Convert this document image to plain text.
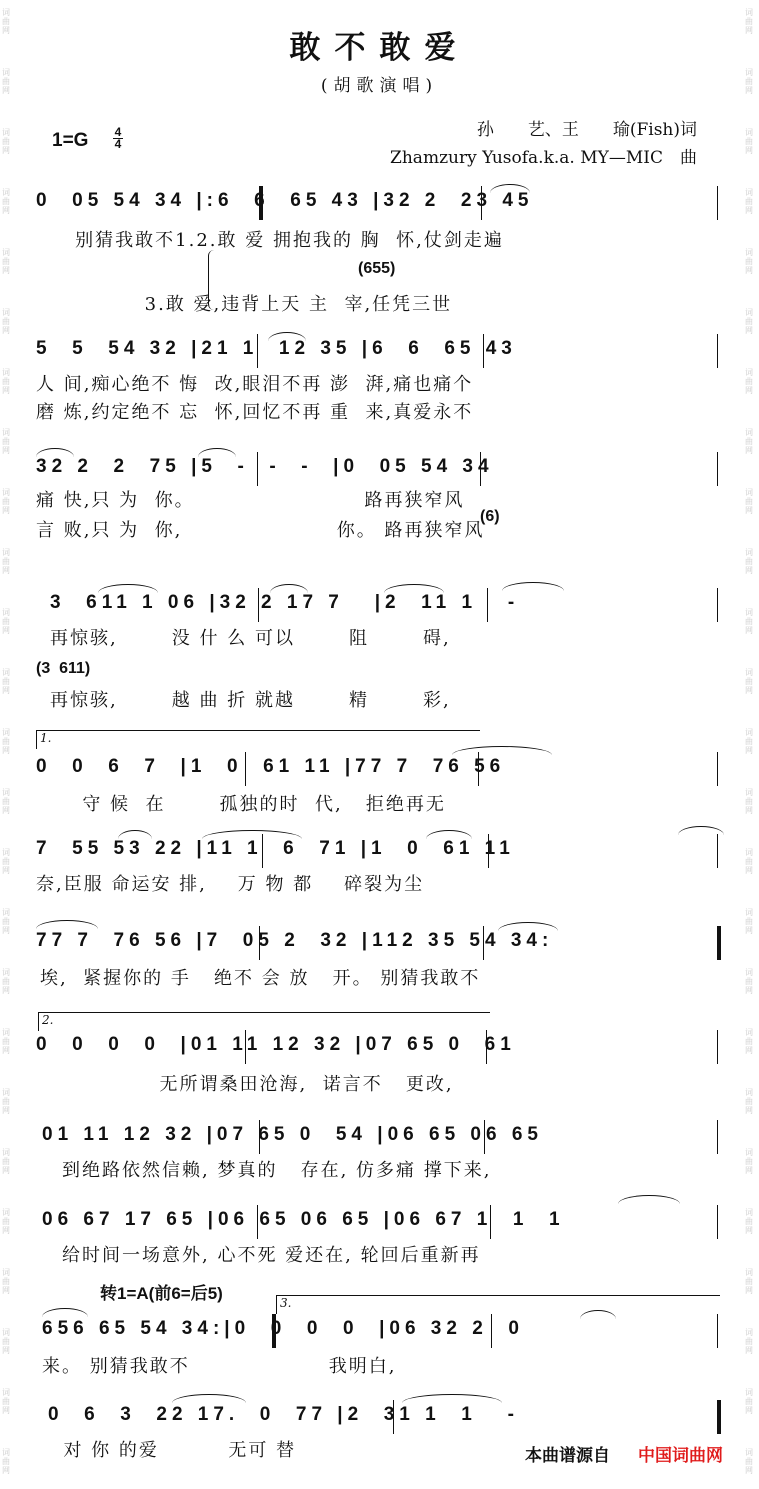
词
曲
网
词
曲
网
词
曲
网
词
曲
网
词
曲
网
词
曲
网
词
曲
网
词
曲
网
词
曲
网
词
曲
网
词
曲
网
词
曲
网
词
曲
网
词
曲
网
词
曲
网
词
曲
网
词
曲
网
词
曲
网
词
曲
网
词
曲
网
词
曲
网
词
曲
网
词
曲
网
词
曲
网
词
曲
网
词
曲
网
词
曲
网
词
曲
网
词
曲
网
词
曲
网
词
曲
网
词
曲
网
词
曲
网
词
曲
网
词
曲
网
词
曲
网
词
曲
网
词
曲
网
词
曲
网
词
曲
网
词
曲
网
词
曲
网
词
曲
网
词
曲
网
词
曲
网
词
曲
网
词
曲
网
词
曲
网
词
曲
网
词
曲
网
敢不敢爱
(胡歌演唱)
1=G 4
4
孙　　艺、王　　瑜(Fish)词
Zhamzury Yusofa.k.a. MY—MIC　曲
0  05 54 34 |:6  6  65 43 |32 2  23 45
别猜我敢不1.2.敢 爱 拥抱我的 胸  怀,仗剑走遍
(655)
3.敢 爱,违背上天 主  宰,任凭三世
5  5  54 32 |21 1  12 35 |6  6  65 43
人 间,痴心绝不 悔  改,眼泪不再 澎  湃,痛也痛个
磨 炼,约定绝不 忘  怀,回忆不再 重  来,真爱永不
32 2  2  75 |5  -  -  -  |0  05 54 34
痛 快,只 为  你。                      路再狭窄风
(6)
言 败,只 为  你,                    你。 路再狭窄风
3  611 1 06 |32 2 17 7   |2  11 1   -
再惊骇,       没 什 么 可以       阻       碍,
(3  611)
再惊骇,       越 曲 折 就越       精       彩,
1.
0  0  6  7  |1  0  61 11 |77 7  76 56
守 候  在       孤独的时  代,   拒绝再无
7  55 53 22 |11 1  6  71 |1  0  61 11
奈,臣服 命运安 排,    万 物 都    碎裂为尘
77 7  76 56 |7  05 2  32 |112 35 54 34:
埃,  紧握你的 手   绝不 会 放   开。 别猜我敢不
2.
0  0  0  0  |01 11 12 32 |07 65 0  61
无所谓桑田沧海,  诺言不   更改,
01 11 12 32 |07 65 0  54 |06 65 06 65
到绝路依然信赖, 梦真的   存在, 仿多痛 撑下来,
06 67 17 65 |06 65 06 65 |06 67 1  1  1
给时间一场意外, 心不死 爱还在, 轮回后重新再
转1=A(前6=后5)	3.
656 65 54 34:|0  0  0  0  |06 32 2  0
来。 别猜我敢不                  我明白,
0  6  3  22 17.  0  77 |2  31 1  1   -
对 你 的爱         无可 替	本曲谱源自 中国词曲网
